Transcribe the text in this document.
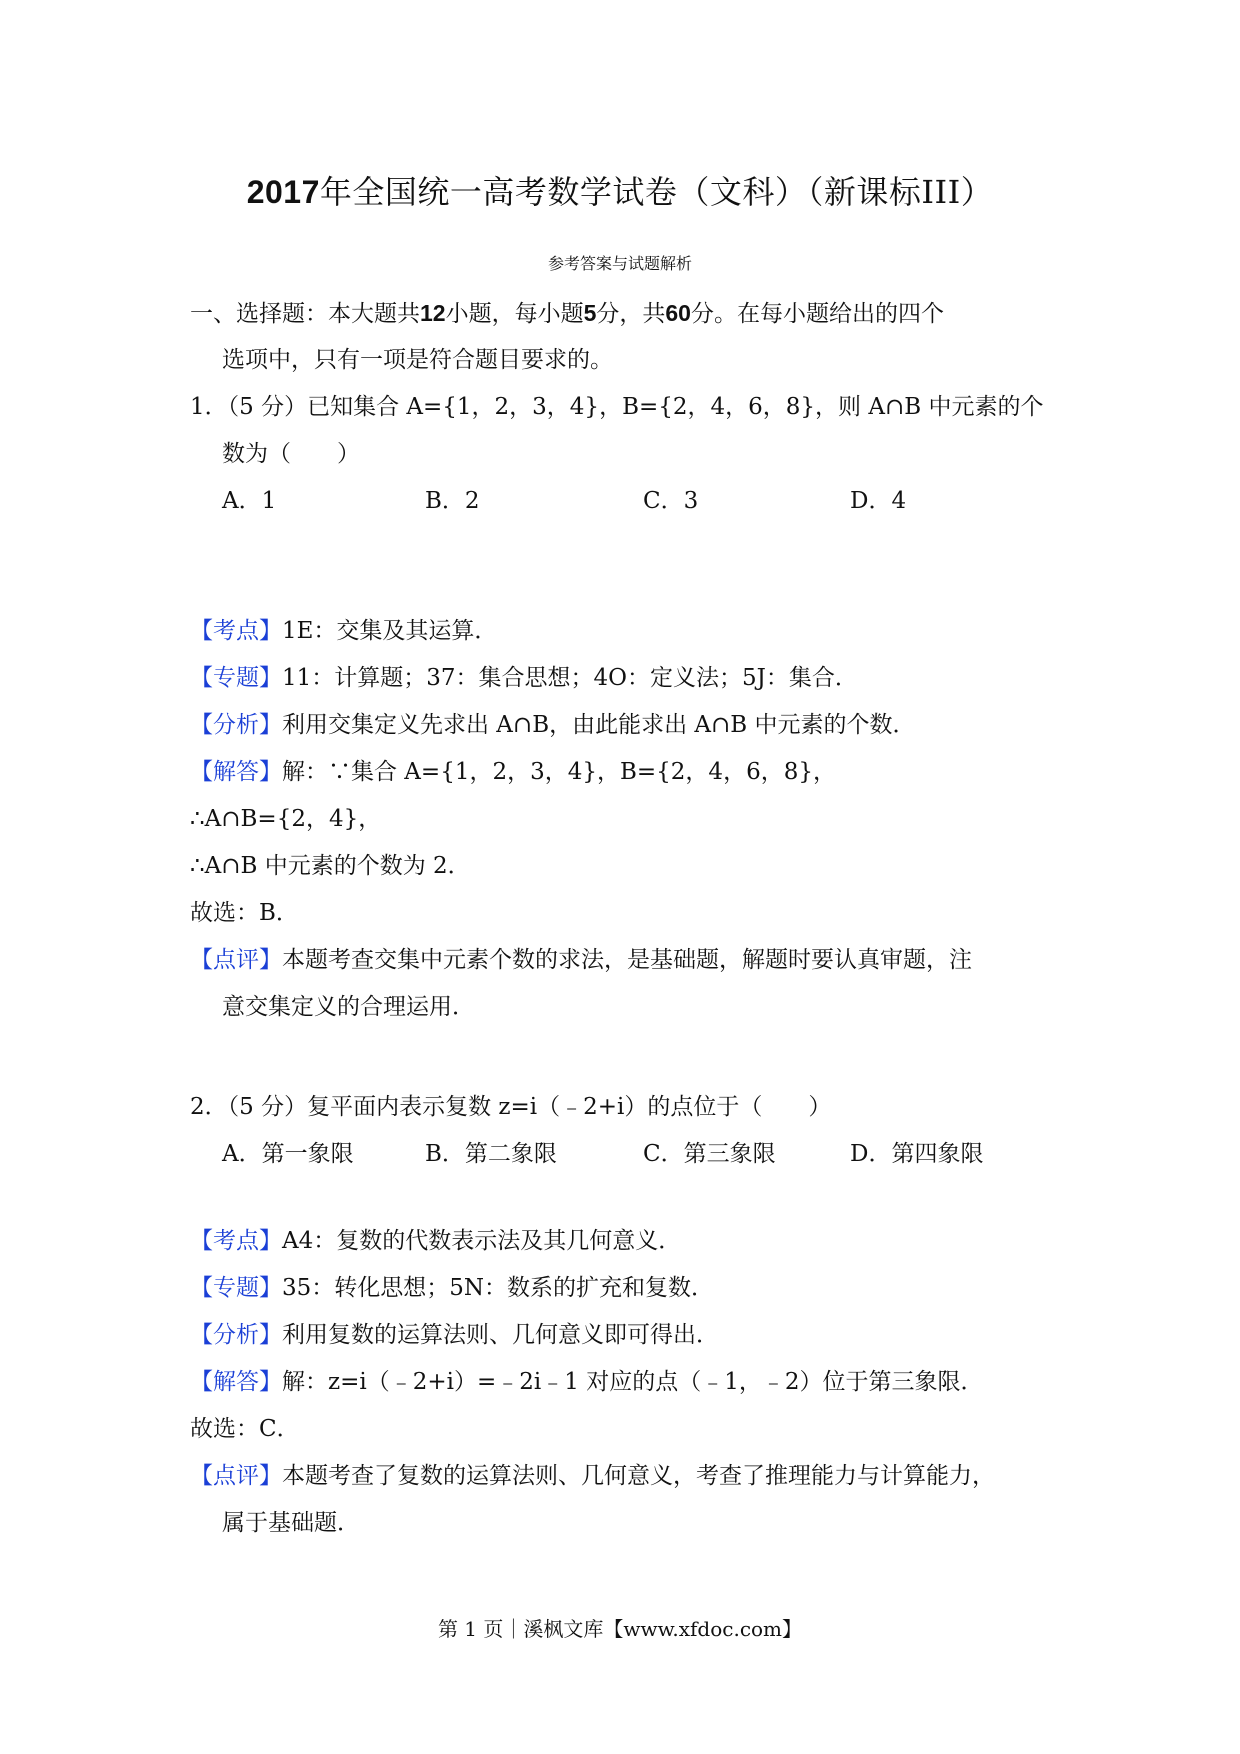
2017年全国统一高考数学试卷（文科）（新课标III）
参考答案与试题解析
一、选择题：本大题共12小题，每小题5分，共60分。在每小题给出的四个
选项中，只有一项是符合题目要求的。
1．（5 分）已知集合 A={1，2，3，4}，B={2，4，6，8}，则 A∩B 中元素的个
数为（　　）
A．1	B．2	C．3	D．4
【考点】1E：交集及其运算．
【专题】11：计算题；37：集合思想；4O：定义法；5J：集合．
【分析】利用交集定义先求出 A∩B，由此能求出 A∩B 中元素的个数．
【解答】解：∵集合 A={1，2，3，4}，B={2，4，6，8}，
∴A∩B={2，4}，
∴A∩B 中元素的个数为 2．
故选：B．
【点评】本题考查交集中元素个数的求法，是基础题，解题时要认真审题，注
意交集定义的合理运用．
2．（5 分）复平面内表示复数 z=i（﹣2+i）的点位于（　　）
A．第一象限	B．第二象限	C．第三象限	D．第四象限
【考点】A4：复数的代数表示法及其几何意义．
【专题】35：转化思想；5N：数系的扩充和复数．
【分析】利用复数的运算法则、几何意义即可得出．
【解答】解：z=i（﹣2+i）=﹣2i﹣1 对应的点（﹣1，﹣2）位于第三象限．
故选：C．
【点评】本题考查了复数的运算法则、几何意义，考查了推理能力与计算能力，
属于基础题．
第 1 页｜溪枫文库【www.xfdoc.com】
